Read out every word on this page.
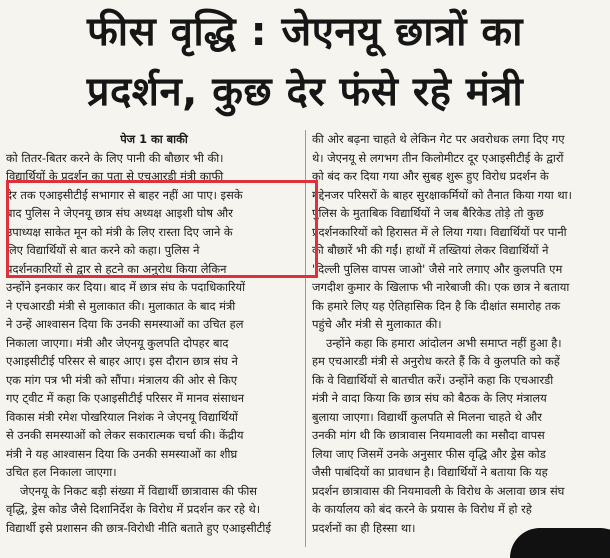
फीस वृद्धि : जेएनयू छात्रों का
प्रदर्शन, कुछ देर फंसे रहे मंत्री
पेज 1 का बाकी
को तितर-बितर करने के लिए पानी की बौछार भी की।
विद्यार्थियों के प्रदर्शन का पता से एचआरडी मंत्री काफी
देर तक एआइसीटीई सभागार से बाहर नहीं आ पाए। इसके
बाद पुलिस ने जेएनयू छात्र संघ अध्यक्ष आइशी घोष और
उपाध्यक्ष साकेत मून को मंत्री के लिए रास्ता दिए जाने के
लिए विद्यार्थियों से बात करने को कहा। पुलिस ने
प्रदर्शनकारियों से द्वार से हटने का अनुरोध किया लेकिन
उन्होंने इनकार कर दिया। बाद में छात्र संघ के पदाधिकारियों
ने एचआरडी मंत्री से मुलाकात की। मुलाकात के बाद मंत्री
ने उन्हें आश्वासन दिया कि उनकी समस्याओं का उचित हल
निकाला जाएगा। मंत्री और जेएनयू कुलपति दोपहर बाद
एआइसीटीई परिसर से बाहर आए। इस दौरान छात्र संघ ने
एक मांग पत्र भी मंत्री को सौंपा। मंत्रालय की ओर से किए
गए ट्वीट में कहा कि एआइसीटीई परिसर में मानव संसाधन
विकास मंत्री रमेश पोखरियाल निशंक ने जेएनयू विद्यार्थियों
से उनकी समस्याओं को लेकर सकारात्मक चर्चा की। केंद्रीय
मंत्री ने यह आश्वासन दिया कि उनकी समस्याओं का शीघ्र
उचित हल निकाला जाएगा।
जेएनयू के निकट बड़ी संख्या में विद्यार्थी छात्रावास की फीस
वृद्धि, ड्रेस कोड जैसे दिशानिर्देश के विरोध में प्रदर्शन कर रहे थे।
विद्यार्थी इसे प्रशासन की छात्र-विरोधी नीति बताते हुए एआइसीटीई
की ओर बढ़ना चाहते थे लेकिन गेट पर अवरोधक लगा दिए गए
थे। जेएनयू से लगभग तीन किलोमीटर दूर एआइसीटीई के द्वारों
को बंद कर दिया गया और सुबह शुरू हुए विरोध प्रदर्शन के
मद्देनजर परिसरों के बाहर सुरक्षाकर्मियों को तैनात किया गया था।
पुलिस के मुताबिक विद्यार्थियों ने जब बैरिकेड तोड़े तो कुछ
प्रदर्शनकारियों को हिरासत में ले लिया गया। विद्यार्थियों पर पानी
की बौछारें भी की गईं। हाथों में तख्तियां लेकर विद्यार्थियों ने
'दिल्ली पुलिस वापस जाओ' जैसे नारे लगाए और कुलपति एम
जगदीश कुमार के खिलाफ भी नारेबाजी की। एक छात्र ने बताया
कि हमारे लिए यह ऐतिहासिक दिन है कि दीक्षांत समारोह तक
पहुंचे और मंत्री से मुलाकात की।
उन्होंने कहा कि हमारा आंदोलन अभी समाप्त नहीं हुआ है।
हम एचआरडी मंत्री से अनुरोध करते हैं कि वे कुलपति को कहें
कि वे विद्यार्थियों से बातचीत करें। उन्होंने कहा कि एचआरडी
मंत्री ने वादा किया कि छात्र संघ को बैठक के लिए मंत्रालय
बुलाया जाएगा। विद्यार्थी कुलपति से मिलना चाहते थे और
उनकी मांग थी कि छात्रावास नियमावली का मसौदा वापस
लिया जाए जिसमें उनके अनुसार फीस वृद्धि और ड्रेस कोड
जैसी पाबंदियों का प्रावधान है। विद्यार्थियों ने बताया कि यह
प्रदर्शन छात्रावास की नियमावली के विरोध के अलावा छात्र संघ
के कार्यालय को बंद करने के प्रयास के विरोध में हो रहे
प्रदर्शनों का ही हिस्सा था।
